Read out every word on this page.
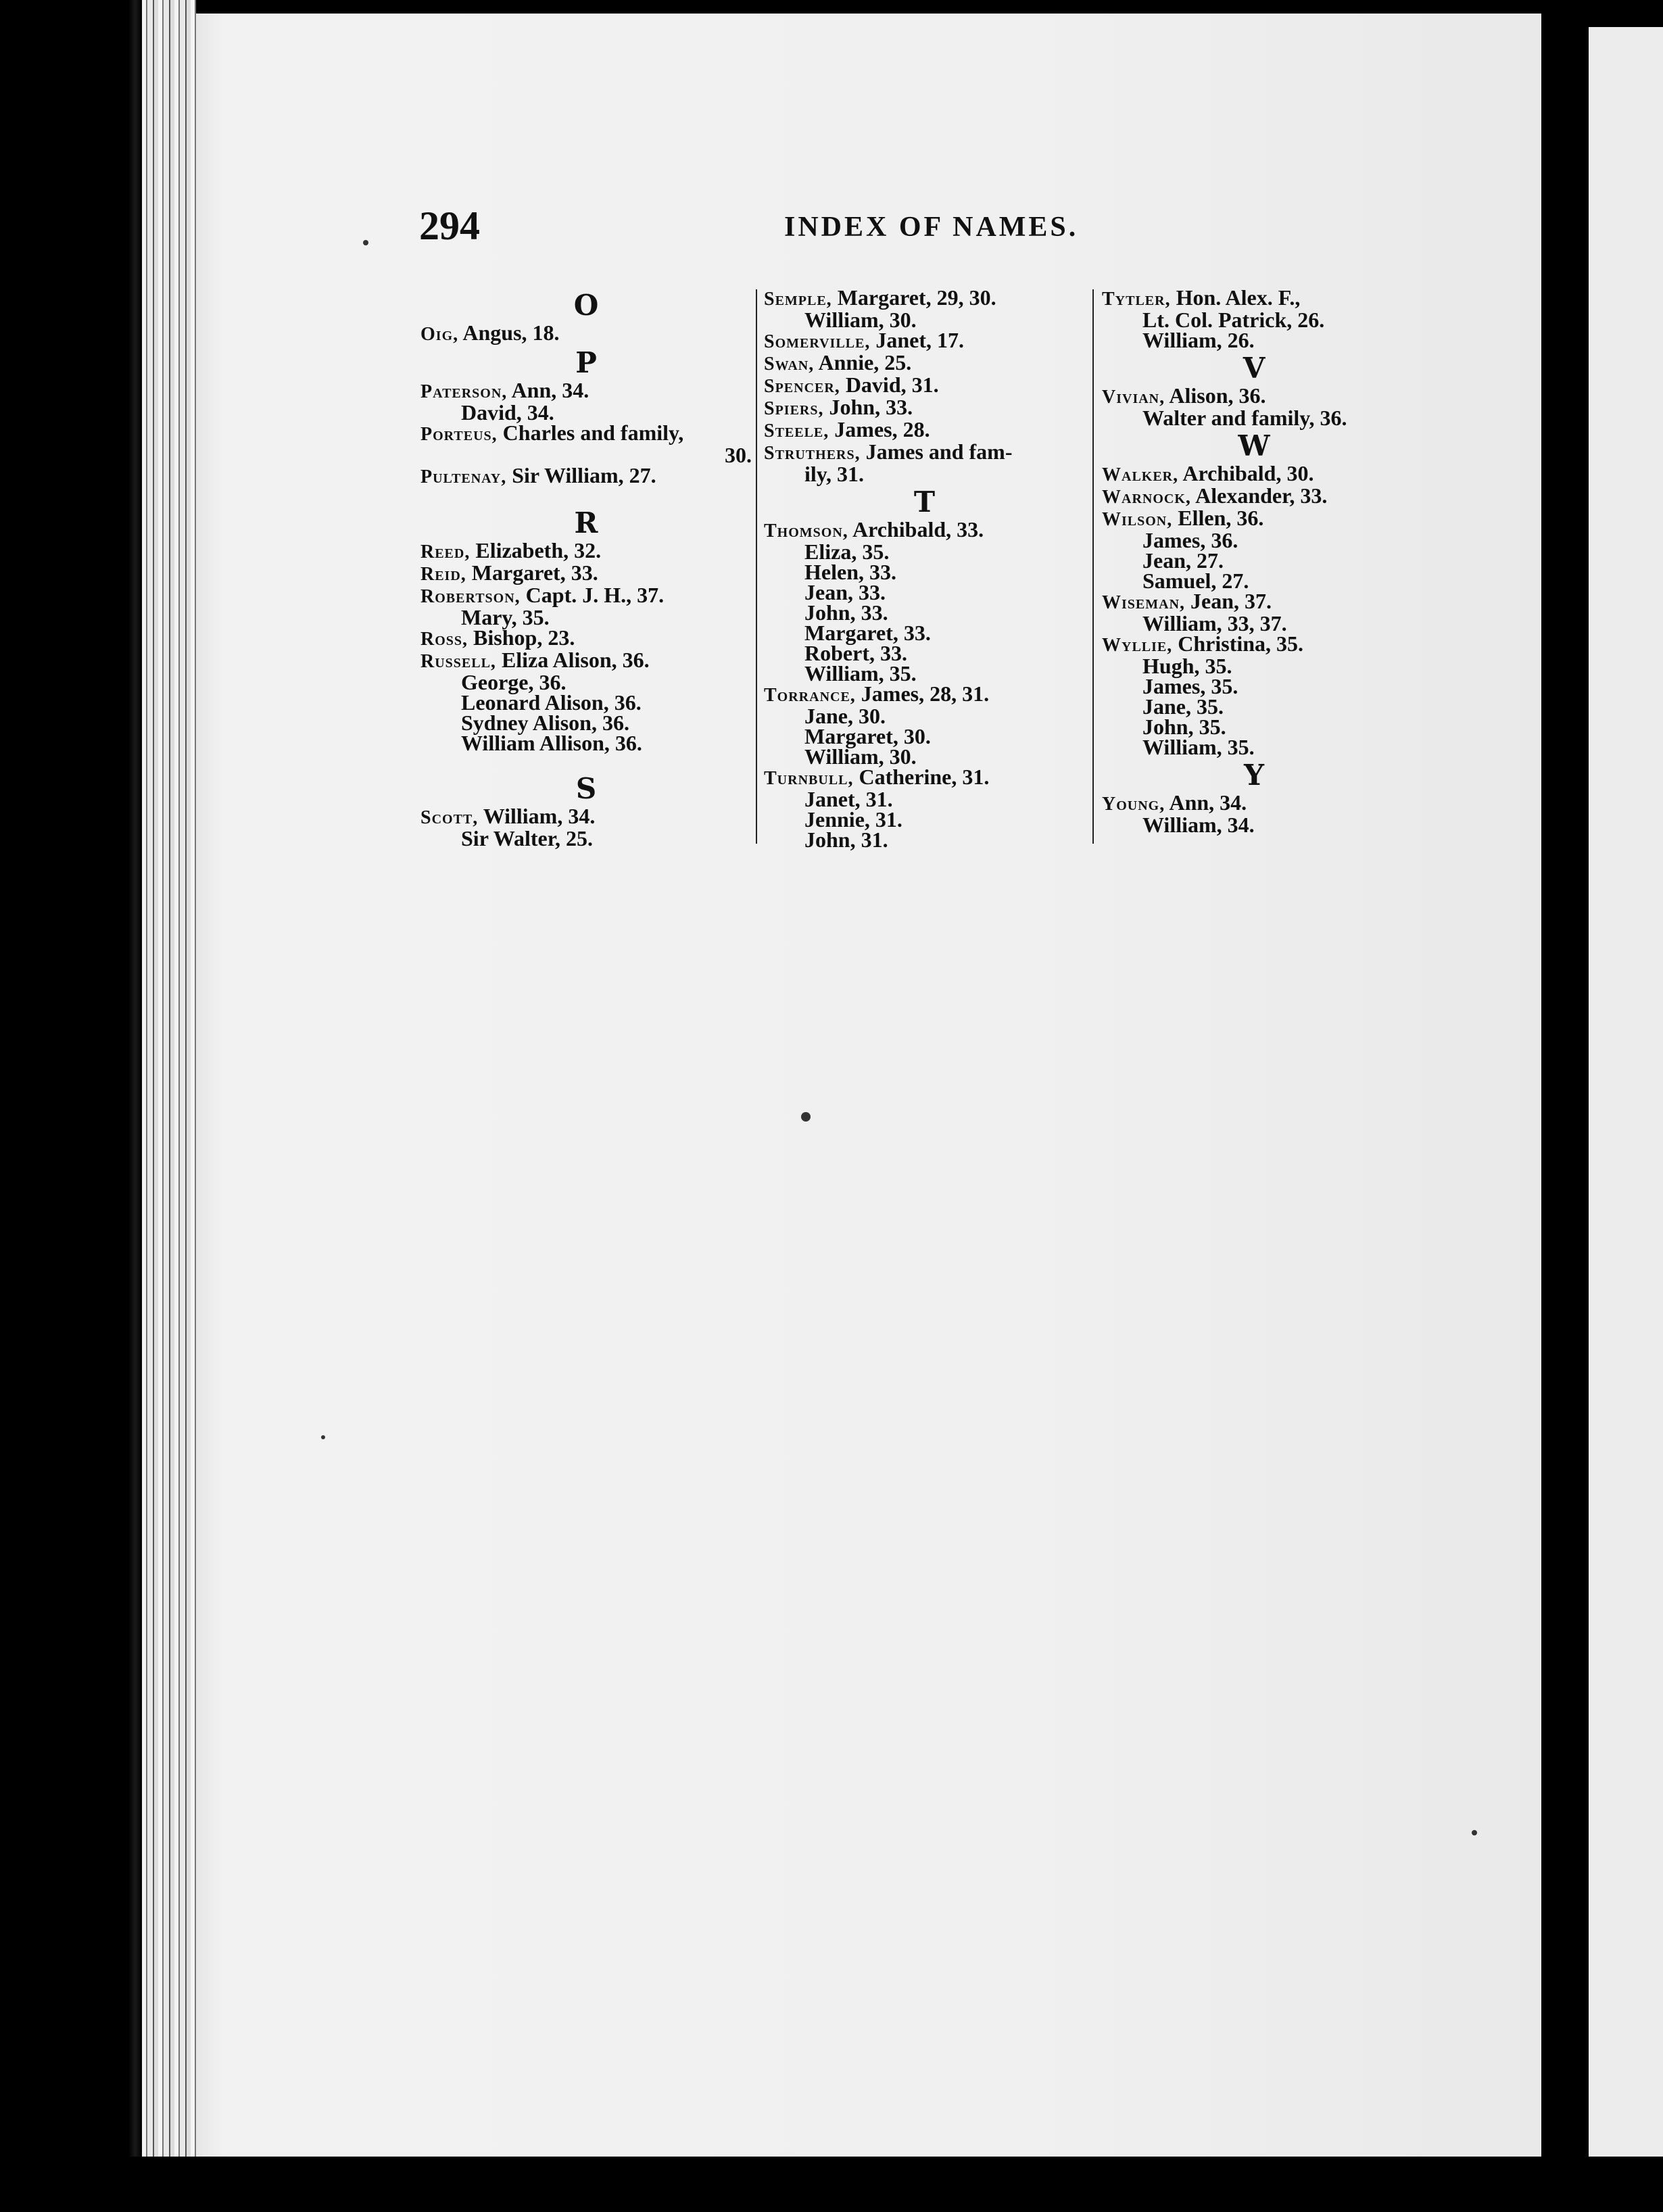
294	INDEX OF NAMES.
O
Oig, Angus, 18.
P
Paterson, Ann, 34.
David, 34.
Porteus, Charles and family,
30.
Pultenay, Sir William, 27.
R
Reed, Elizabeth, 32.
Reid, Margaret, 33.
Robertson, Capt. J. H., 37.
Mary, 35.
Ross, Bishop, 23.
Russell, Eliza Alison, 36.
George, 36.
Leonard Alison, 36.
Sydney Alison, 36.
William Allison, 36.
S
Scott, William, 34.
Sir Walter, 25.
Semple, Margaret, 29, 30.
William, 30.
Somerville, Janet, 17.
Swan, Annie, 25.
Spencer, David, 31.
Spiers, John, 33.
Steele, James, 28.
Struthers, James and fam-
ily, 31.
T
Thomson, Archibald, 33.
Eliza, 35.
Helen, 33.
Jean, 33.
John, 33.
Margaret, 33.
Robert, 33.
William, 35.
Torrance, James, 28, 31.
Jane, 30.
Margaret, 30.
William, 30.
Turnbull, Catherine, 31.
Janet, 31.
Jennie, 31.
John, 31.
Tytler, Hon. Alex. F.,
Lt. Col. Patrick, 26.
William, 26.
V
Vivian, Alison, 36.
Walter and family, 36.
W
Walker, Archibald, 30.
Warnock, Alexander, 33.
Wilson, Ellen, 36.
James, 36.
Jean, 27.
Samuel, 27.
Wiseman, Jean, 37.
William, 33, 37.
Wyllie, Christina, 35.
Hugh, 35.
James, 35.
Jane, 35.
John, 35.
William, 35.
Y
Young, Ann, 34.
William, 34.
